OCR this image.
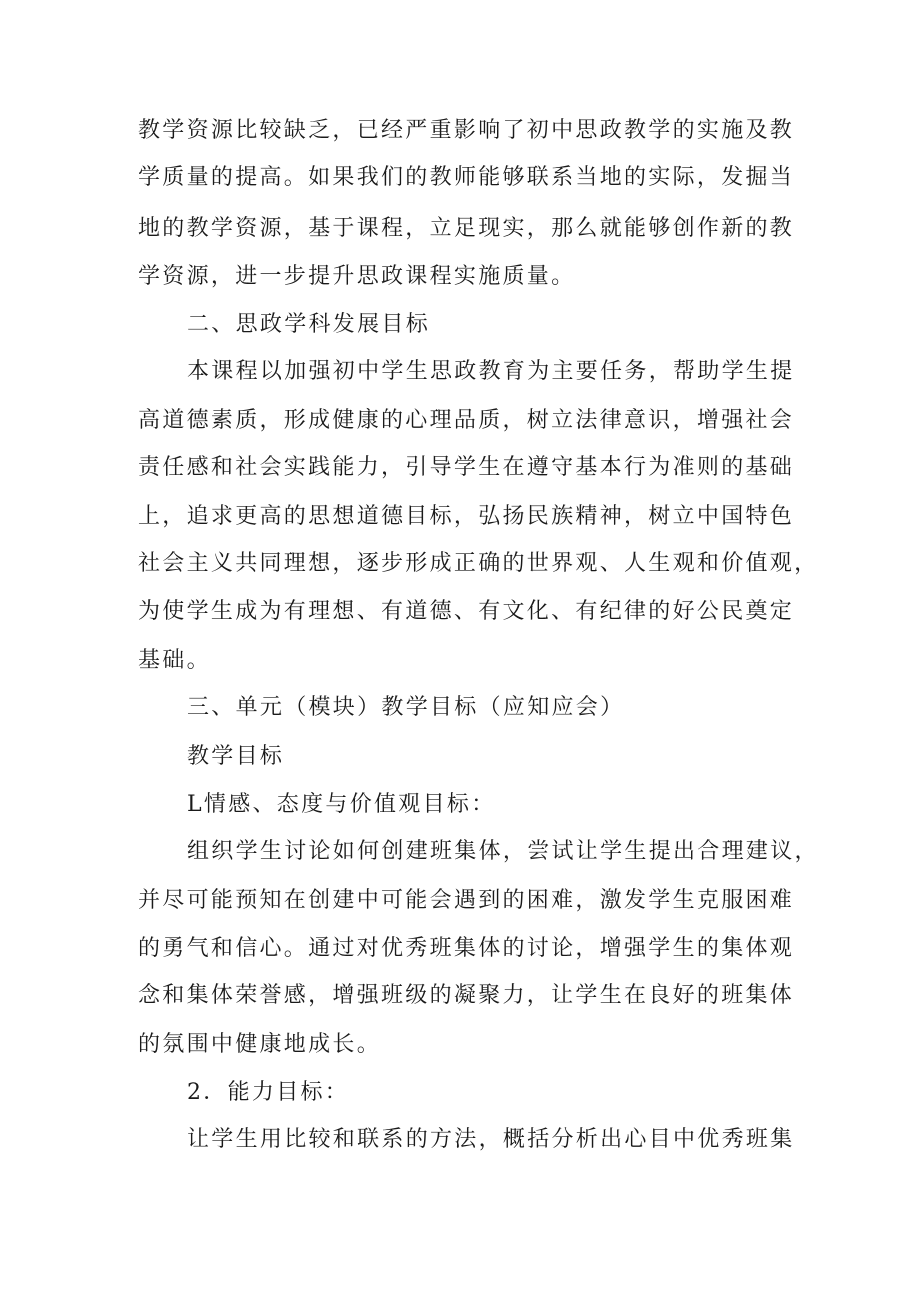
教学资源比较缺乏，已经严重影响了初中思政教学的实施及教
学质量的提高。如果我们的教师能够联系当地的实际，发掘当
地的教学资源，基于课程，立足现实，那么就能够创作新的教
学资源，进一步提升思政课程实施质量。
二、思政学科发展目标
本课程以加强初中学生思政教育为主要任务，帮助学生提
高道德素质，形成健康的心理品质，树立法律意识，增强社会
责任感和社会实践能力，引导学生在遵守基本行为准则的基础
上，追求更高的思想道德目标，弘扬民族精神，树立中国特色
社会主义共同理想，逐步形成正确的世界观、人生观和价值观，
为使学生成为有理想、有道德、有文化、有纪律的好公民奠定
基础。
三、单元（模块）教学目标（应知应会）
教学目标
L情感、态度与价值观目标：
组织学生讨论如何创建班集体，尝试让学生提出合理建议，
并尽可能预知在创建中可能会遇到的困难，激发学生克服困难
的勇气和信心。通过对优秀班集体的讨论，增强学生的集体观
念和集体荣誉感，增强班级的凝聚力，让学生在良好的班集体
的氛围中健康地成长。
2．能力目标：
让学生用比较和联系的方法，概括分析出心目中优秀班集
